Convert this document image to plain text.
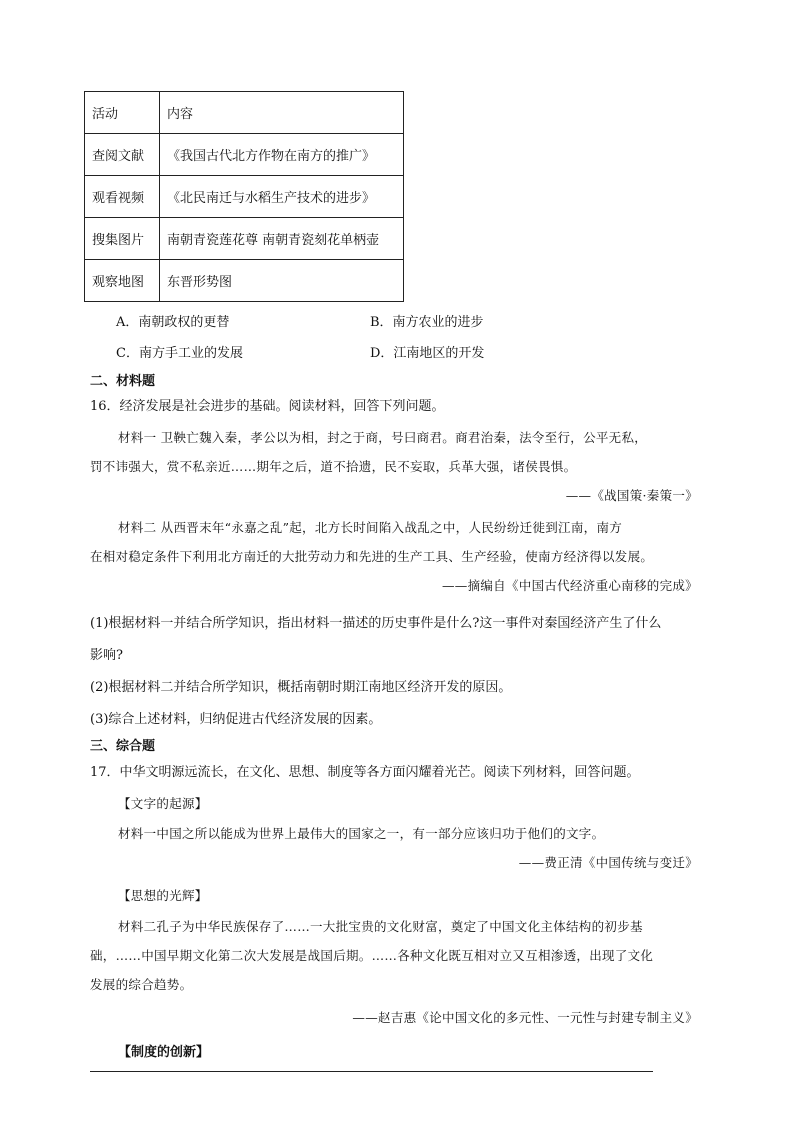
活动	内容
查阅文献	《我国古代北方作物在南方的推广》
观看视频	《北民南迁与水稻生产技术的进步》
搜集图片	南朝青瓷莲花尊 南朝青瓷刻花单柄壶
观察地图	东晋形势图
A．南朝政权的更替	B．南方农业的进步
C．南方手工业的发展	D．江南地区的开发
二、材料题
16．经济发展是社会进步的基础。阅读材料，回答下列问题。
材料一 卫鞅亡魏入秦，孝公以为相，封之于商，号曰商君。商君治秦，法令至行，公平无私，
罚不讳强大，赏不私亲近……期年之后，道不拾遗，民不妄取，兵革大强，诸侯畏惧。
——《战国策·秦策一》
材料二 从西晋末年“永嘉之乱”起，北方长时间陷入战乱之中，人民纷纷迁徙到江南，南方
在相对稳定条件下利用北方南迁的大批劳动力和先进的生产工具、生产经验，使南方经济得以发展。
——摘编自《中国古代经济重心南移的完成》
(1)根据材料一并结合所学知识，指出材料一描述的历史事件是什么?这一事件对秦国经济产生了什么
影响?
(2)根据材料二并结合所学知识，概括南朝时期江南地区经济开发的原因。
(3)综合上述材料，归纳促进古代经济发展的因素。
三、综合题
17．中华文明源远流长，在文化、思想、制度等各方面闪耀着光芒。阅读下列材料，回答问题。
【文字的起源】
材料一中国之所以能成为世界上最伟大的国家之一，有一部分应该归功于他们的文字。
——费正清《中国传统与变迁》
【思想的光辉】
材料二孔子为中华民族保存了……一大批宝贵的文化财富，奠定了中国文化主体结构的初步基
础，……中国早期文化第二次大发展是战国后期。……各种文化既互相对立又互相渗透，出现了文化
发展的综合趋势。
——赵吉惠《论中国文化的多元性、一元性与封建专制主义》
【制度的创新】
